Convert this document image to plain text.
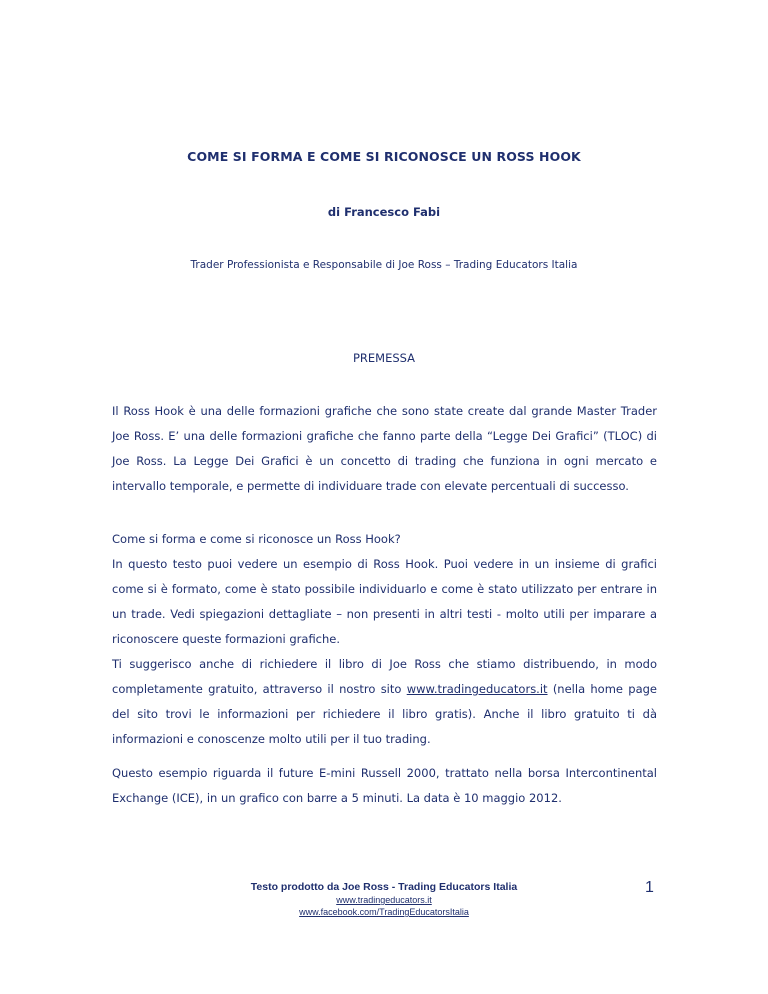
COME SI FORMA E COME SI RICONOSCE UN ROSS HOOK
di Francesco Fabi
Trader Professionista e Responsabile di Joe Ross – Trading Educators Italia
PREMESSA

Il Ross Hook è una delle formazioni grafiche che sono state create dal grande Master Trader Joe Ross. E’ una delle formazioni grafiche che fanno parte della “Legge Dei Grafici” (TLOC) di Joe Ross. La Legge Dei Grafici è un concetto di trading che funziona in ogni mercato e intervallo temporale, e permette di individuare trade con elevate percentuali di successo.

Come si forma e come si riconosce un Ross Hook?
In questo testo puoi vedere un esempio di Ross Hook. Puoi vedere in un insieme di grafici come si è formato, come è stato possibile individuarlo e come è stato utilizzato per entrare in un trade. Vedi spiegazioni dettagliate – non presenti in altri testi - molto utili per imparare a riconoscere queste formazioni grafiche.
Ti suggerisco anche di richiedere il libro di Joe Ross che stiamo distribuendo, in modo completamente gratuito, attraverso il nostro sito www.tradingeducators.it (nella home page del sito trovi le informazioni per richiedere il libro gratis). Anche il libro gratuito ti dà informazioni e conoscenze molto utili per il tuo trading.

Questo esempio riguarda il future E-mini Russell 2000, trattato nella borsa Intercontinental Exchange (ICE), in un grafico con barre a 5 minuti. La data è 10 maggio 2012.

Testo prodotto da Joe Ross - Trading Educators Italia
www.tradingeducators.it
www.facebook.com/TradingEducatorsItalia
1
